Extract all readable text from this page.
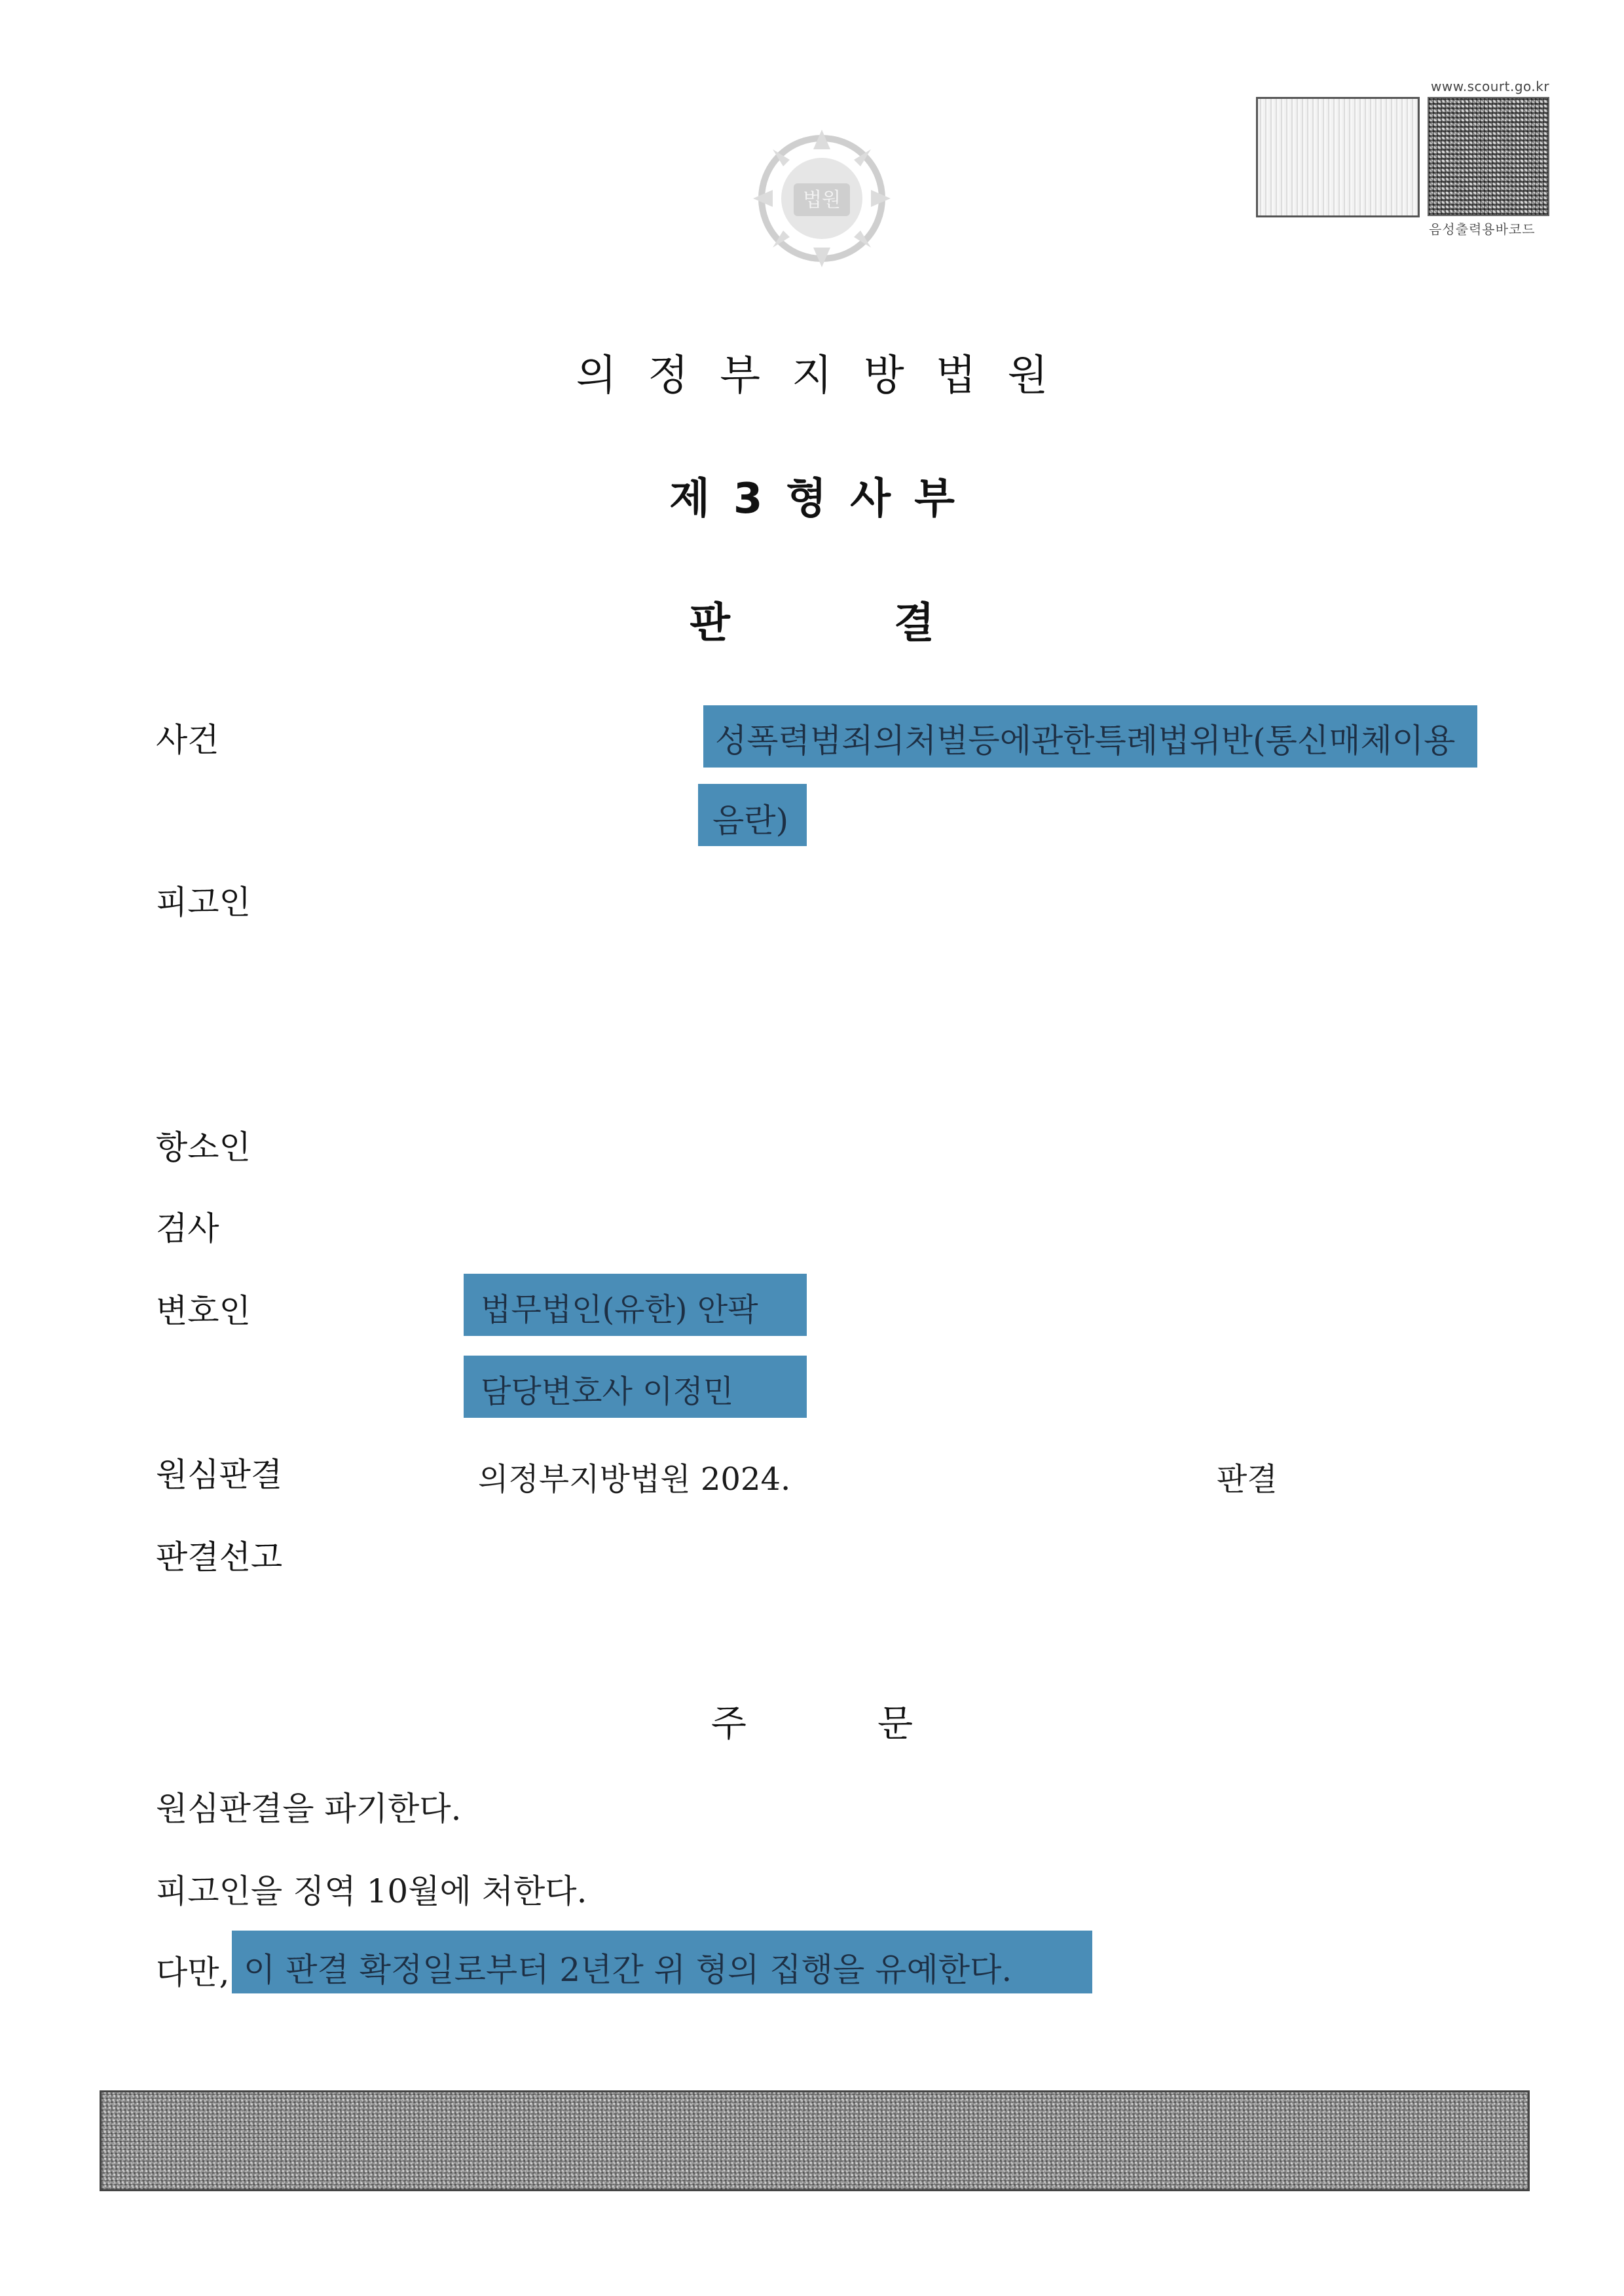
법원
www.scourt.go.kr
음성출력용바코드
의정부지방법원
제3형사부
판결
사건	성폭력범죄의처벌등에관한특례법위반(통신매체이용
음란)
피고인
항소인
검사
변호인	법무법인(유한) 안팍
담당변호사 이정민
원심판결	의정부지방법원 2024.	판결
판결선고
주문
원심판결을 파기한다.
피고인을 징역 10월에 처한다.
다만, 이 판결 확정일로부터 2년간 위 형의 집행을 유예한다.
